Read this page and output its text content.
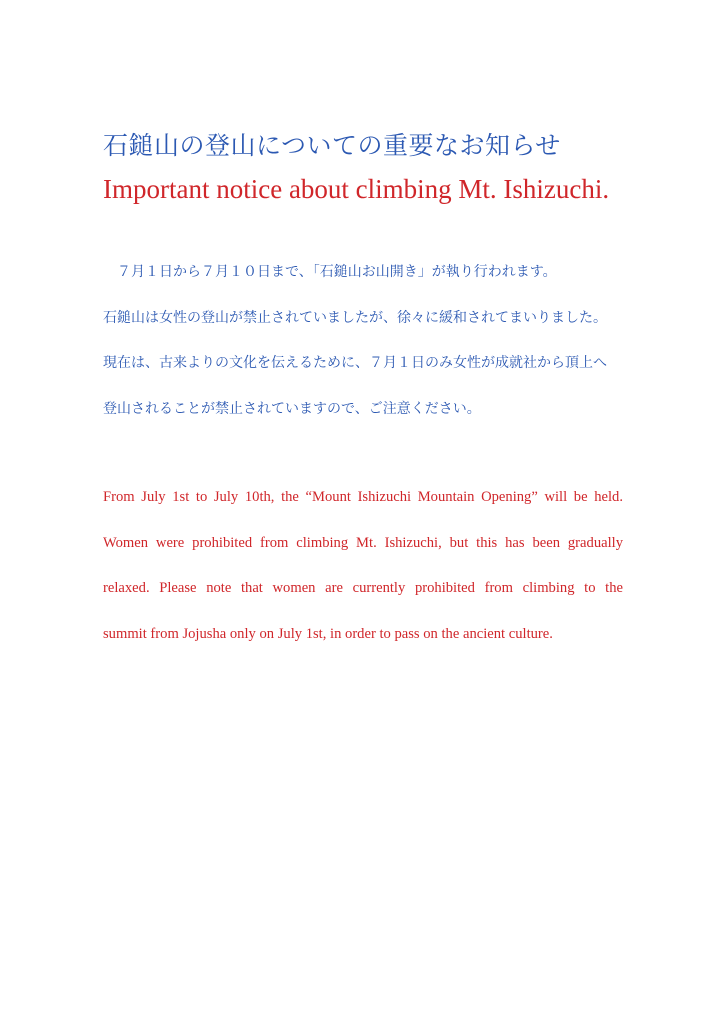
石鎚山の登山についての重要なお知らせ
Important notice about climbing Mt. Ishizuchi.
７月１日から７月１０日まで、「石鎚山お山開き」が執り行われます。
石鎚山は女性の登山が禁止されていましたが、徐々に緩和されてまいりました。
現在は、古来よりの文化を伝えるために、７月１日のみ女性が成就社から頂上へ
登山されることが禁止されていますので、ご注意ください。
From July 1st to July 10th, the “Mount Ishizuchi Mountain Opening” will be held.
Women were prohibited from climbing Mt. Ishizuchi, but this has been gradually
relaxed. Please note that women are currently prohibited from climbing to the
summit from Jojusha only on July 1st, in order to pass on the ancient culture.
